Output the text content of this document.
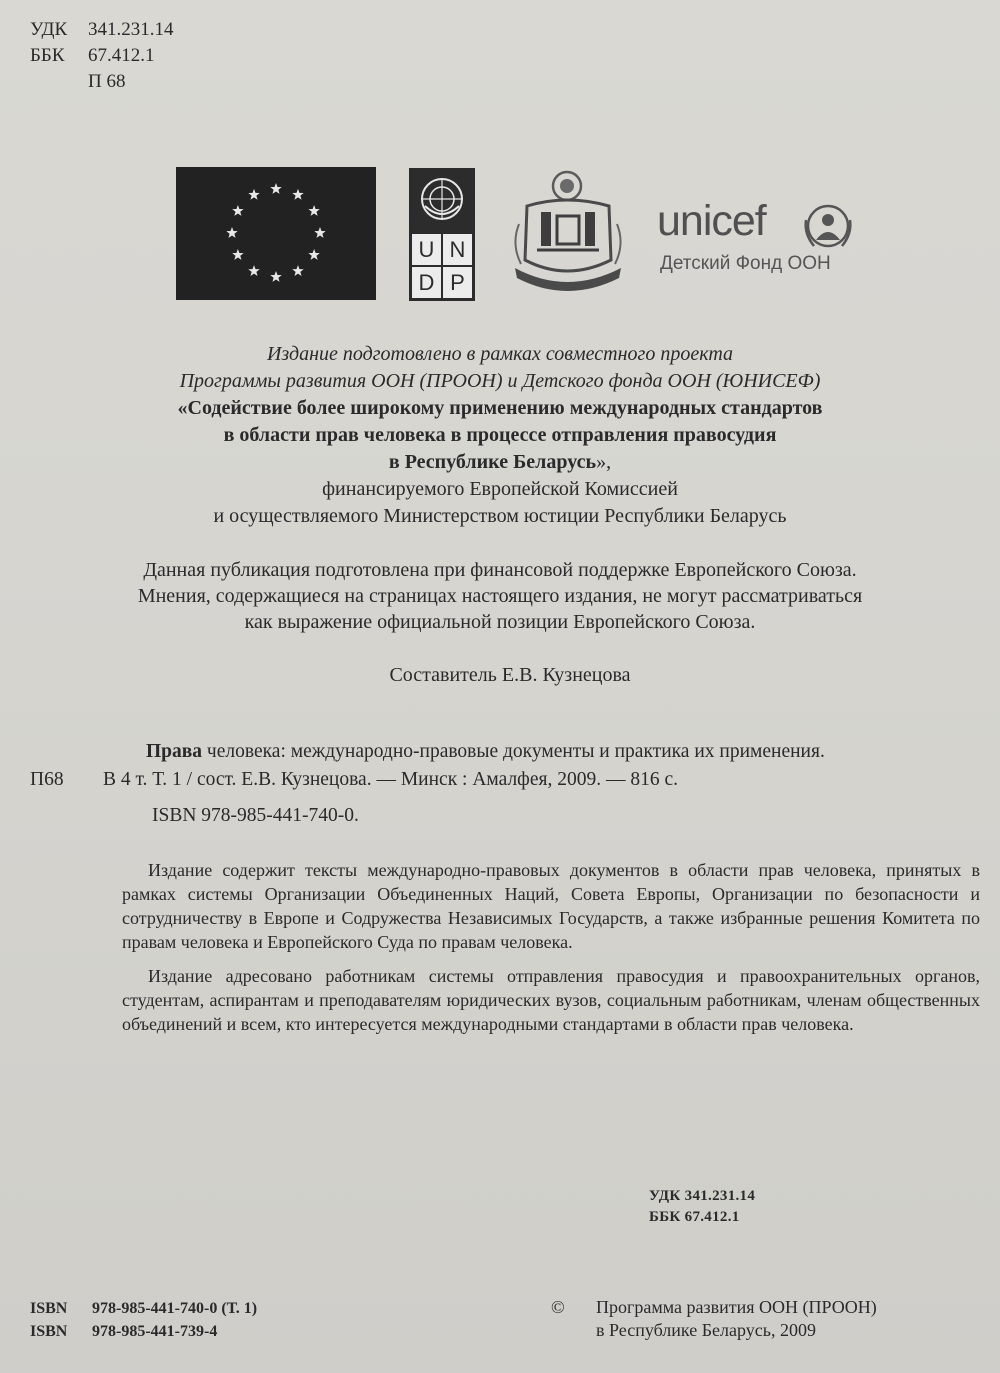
УДК	341.231.14
ББК	67.412.1
П 68
U N
D P
unicef
Детский Фонд ООН
Издание подготовлено в рамках совместного проекта
Программы развития ООН (ПРООН) и Детского фонда ООН (ЮНИСЕФ)
«Содействие более широкому применению международных стандартов
в области прав человека в процессе отправления правосудия
в Республике Беларусь»,
финансируемого Европейской Комиссией
и осуществляемого Министерством юстиции Республики Беларусь
Данная публикация подготовлена при финансовой поддержке Европейского Союза.
Мнения, содержащиеся на страницах настоящего издания, не могут рассматриваться
как выражение официальной позиции Европейского Союза.
Составитель Е.В. Кузнецова
Права человека: международно-правовые документы и практика их применения.
П68 В 4 т. Т. 1 / сост. Е.В. Кузнецова. — Минск : Амалфея, 2009. — 816 с.
ISBN 978-985-441-740-0.

Издание содержит тексты международно-правовых документов в области прав человека, принятых в рамках системы Организации Объединенных Наций, Совета Европы, Организации по безопасности и сотрудничеству в Европе и Содружества Независимых Государств, а также избранные решения Комитета по правам человека и Европейского Суда по правам человека.

Издание адресовано работникам системы отправления правосудия и правоохранительных органов, студентам, аспирантам и преподавателям юридических вузов, социальным работникам, членам общественных объединений и всем, кто интересуется международными стандартами в области прав человека.

УДК 341.231.14
ББК 67.412.1
ISBN 978-985-441-740-0 (Т. 1)
ISBN 978-985-441-739-4
© Программа развития ООН (ПРООН)
в Республике Беларусь, 2009
